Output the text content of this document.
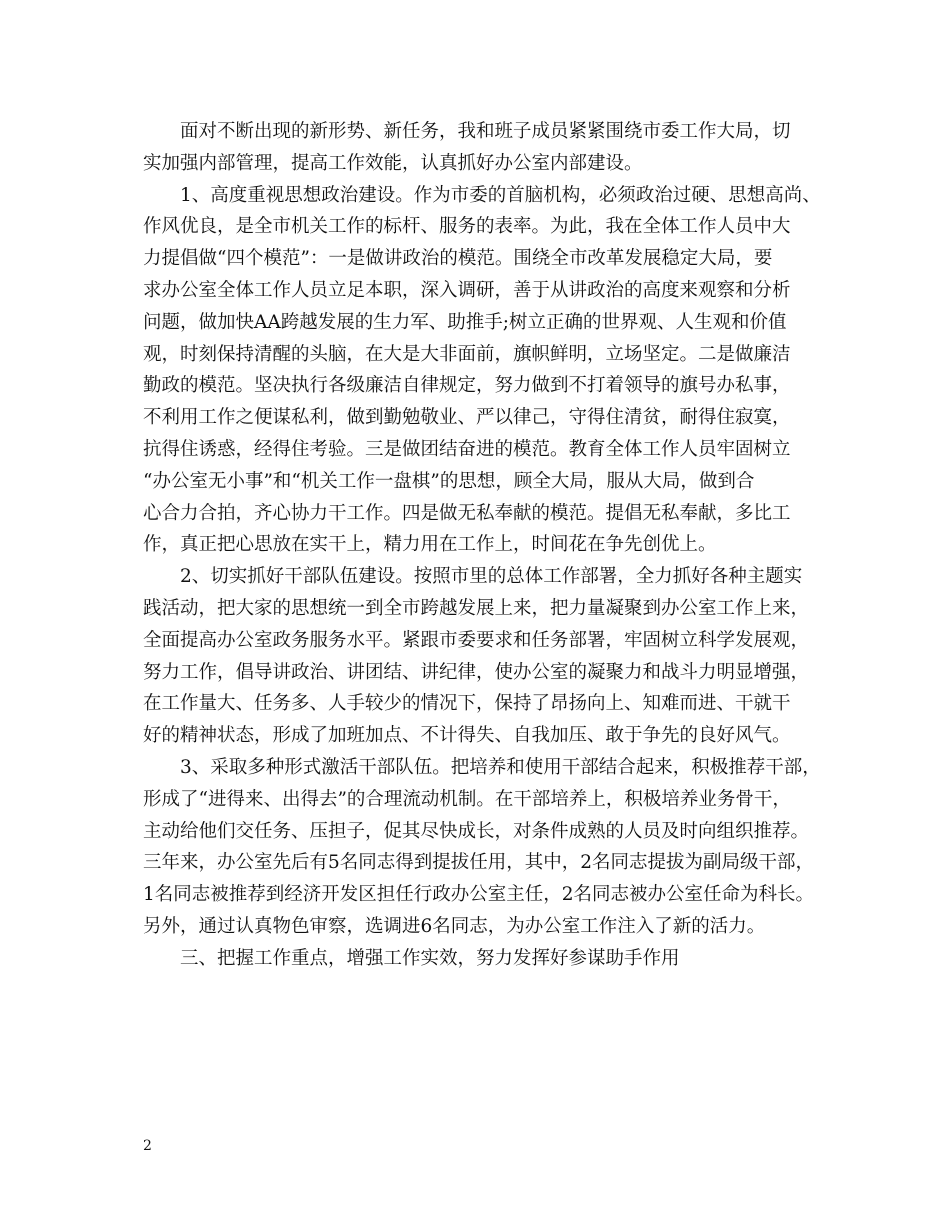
面对不断出现的新形势、新任务，我和班子成员紧紧围绕市委工作大局，切
实加强内部管理，提高工作效能，认真抓好办公室内部建设。
1、高度重视思想政治建设。作为市委的首脑机构，必须政治过硬、思想高尚、
作风优良，是全市机关工作的标杆、服务的表率。为此，我在全体工作人员中大
力提倡做“四个模范”：一是做讲政治的模范。围绕全市改革发展稳定大局，要
求办公室全体工作人员立足本职，深入调研，善于从讲政治的高度来观察和分析
问题，做加快AA跨越发展的生力军、助推手;树立正确的世界观、人生观和价值
观，时刻保持清醒的头脑，在大是大非面前，旗帜鲜明，立场坚定。二是做廉洁
勤政的模范。坚决执行各级廉洁自律规定，努力做到不打着领导的旗号办私事，
不利用工作之便谋私利，做到勤勉敬业、严以律己，守得住清贫，耐得住寂寞，
抗得住诱惑，经得住考验。三是做团结奋进的模范。教育全体工作人员牢固树立
“办公室无小事”和“机关工作一盘棋”的思想，顾全大局，服从大局，做到合
心合力合拍，齐心协力干工作。四是做无私奉献的模范。提倡无私奉献，多比工
作，真正把心思放在实干上，精力用在工作上，时间花在争先创优上。
2、切实抓好干部队伍建设。按照市里的总体工作部署，全力抓好各种主题实
践活动，把大家的思想统一到全市跨越发展上来，把力量凝聚到办公室工作上来，
全面提高办公室政务服务水平。紧跟市委要求和任务部署，牢固树立科学发展观，
努力工作，倡导讲政治、讲团结、讲纪律，使办公室的凝聚力和战斗力明显增强，
在工作量大、任务多、人手较少的情况下，保持了昂扬向上、知难而进、干就干
好的精神状态，形成了加班加点、不计得失、自我加压、敢于争先的良好风气。
3、采取多种形式激活干部队伍。把培养和使用干部结合起来，积极推荐干部，
形成了“进得来、出得去”的合理流动机制。在干部培养上，积极培养业务骨干，
主动给他们交任务、压担子，促其尽快成长，对条件成熟的人员及时向组织推荐。
三年来，办公室先后有5名同志得到提拔任用，其中，2名同志提拔为副局级干部，
1名同志被推荐到经济开发区担任行政办公室主任，2名同志被办公室任命为科长。
另外，通过认真物色审察，选调进6名同志，为办公室工作注入了新的活力。
三、把握工作重点，增强工作实效，努力发挥好参谋助手作用
2
